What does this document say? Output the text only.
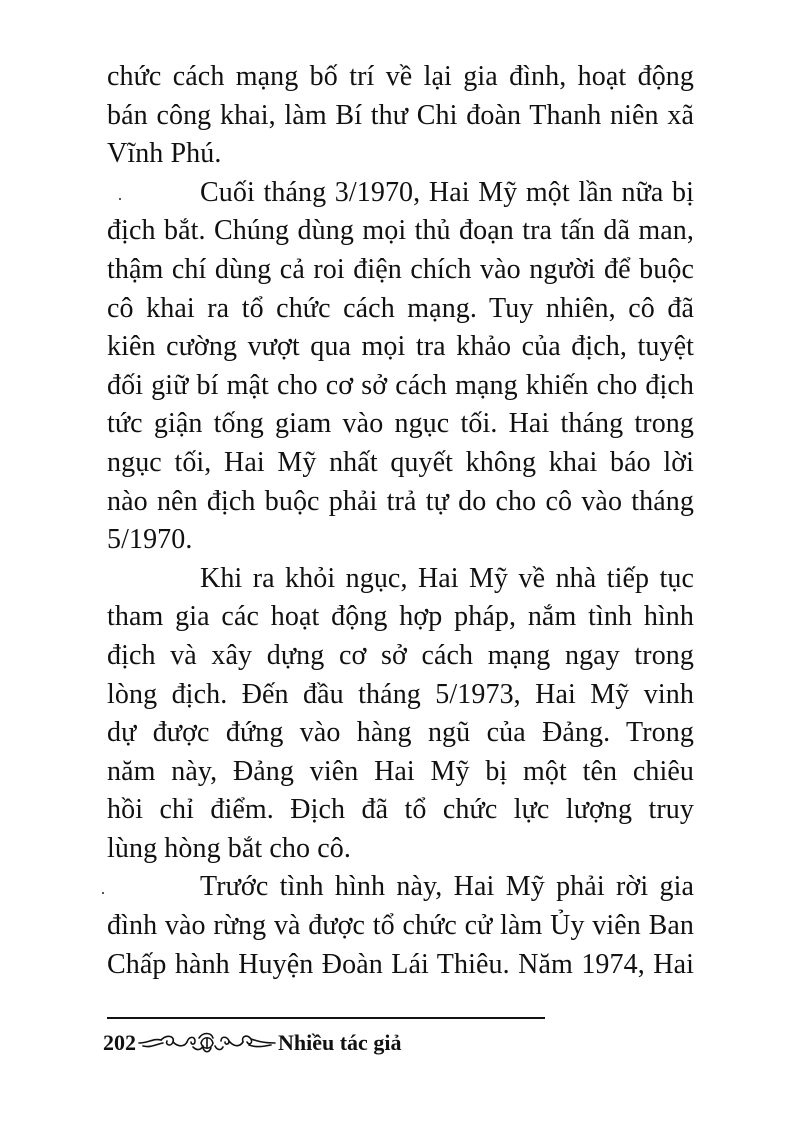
chức cách mạng bố trí về lại gia đình, hoạt động
bán công khai, làm Bí thư Chi đoàn Thanh niên xã
Vĩnh Phú.
Cuối tháng 3/1970, Hai Mỹ một lần nữa bị
địch bắt. Chúng dùng mọi thủ đoạn tra tấn dã man,
thậm chí dùng cả roi điện chích vào người để buộc
cô khai ra tổ chức cách mạng. Tuy nhiên, cô đã
kiên cường vượt qua mọi tra khảo của địch, tuyệt
đối giữ bí mật cho cơ sở cách mạng khiến cho địch
tức giận tống giam vào ngục tối. Hai tháng trong
ngục tối, Hai Mỹ nhất quyết không khai báo lời
nào nên địch buộc phải trả tự do cho cô vào tháng
5/1970.
Khi ra khỏi ngục, Hai Mỹ về nhà tiếp tục
tham gia các hoạt động hợp pháp, nắm tình hình
địch và xây dựng cơ sở cách mạng ngay trong
lòng địch. Đến đầu tháng 5/1973, Hai Mỹ vinh
dự được đứng vào hàng ngũ của Đảng. Trong
năm này, Đảng viên Hai Mỹ bị một tên chiêu
hồi chỉ điểm. Địch đã tổ chức lực lượng truy
lùng hòng bắt cho cô.
Trước tình hình này, Hai Mỹ phải rời gia
đình vào rừng và được tổ chức cử làm Ủy viên Ban
Chấp hành Huyện Đoàn Lái Thiêu. Năm 1974, Hai
202	Nhiều tác giả
